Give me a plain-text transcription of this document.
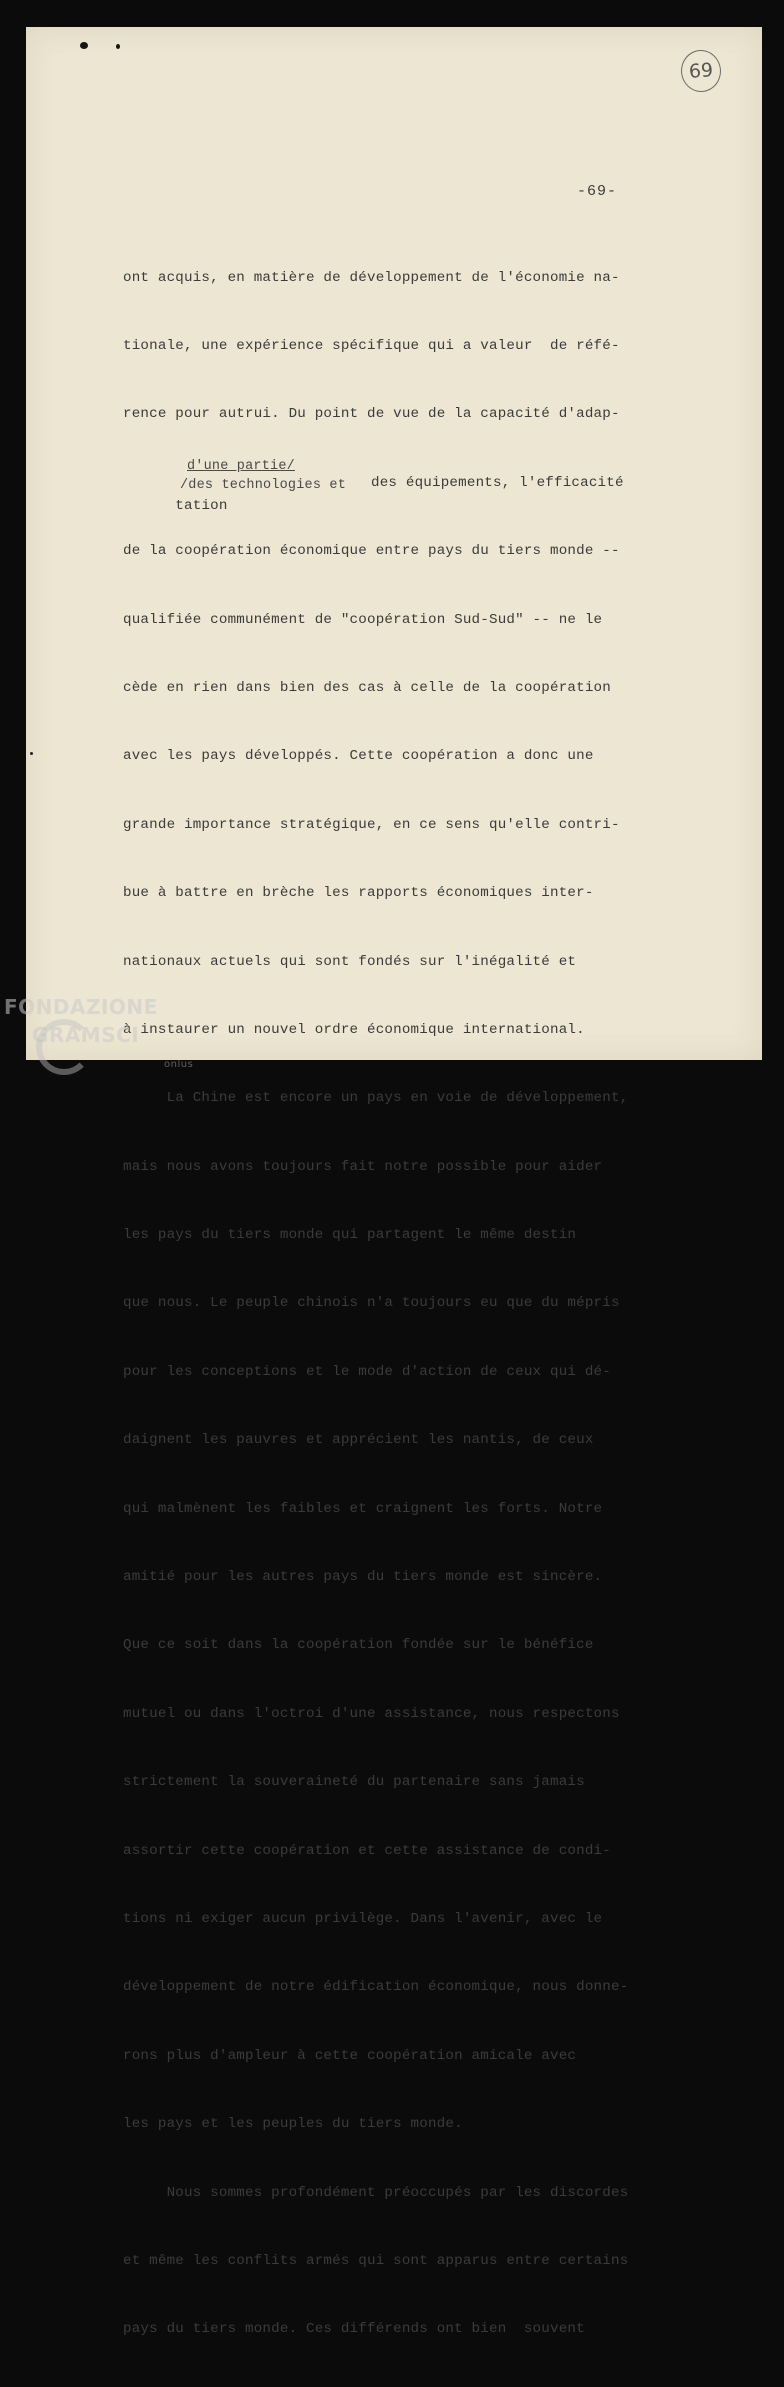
69
-69-

ont acquis, en matière de développement de l'économie na-

tionale, une expérience spécifique qui a valeur  de réfé-

rence pour autrui. Du point de vue de la capacité d'adap-

tation

d'une partie/

/des technologies et

des équipements, l'efficacité

de la coopération économique entre pays du tiers monde --

qualifiée communément de "coopération Sud-Sud" -- ne le

cède en rien dans bien des cas à celle de la coopération

avec les pays développés. Cette coopération a donc une

grande importance stratégique, en ce sens qu'elle contri-

bue à battre en brèche les rapports économiques inter-

nationaux actuels qui sont fondés sur l'inégalité et

à instaurer un nouvel ordre économique international.

La Chine est encore un pays en voie de développement,

mais nous avons toujours fait notre possible pour aider

les pays du tiers monde qui partagent le même destin

que nous. Le peuple chinois n'a toujours eu que du mépris

pour les conceptions et le mode d'action de ceux qui dé-

daignent les pauvres et apprécient les nantis, de ceux

qui malmènent les faibles et craignent les forts. Notre

amitié pour les autres pays du tiers monde est sincère.

Que ce soit dans la coopération fondée sur le bénéfice

mutuel ou dans l'octroi d'une assistance, nous respectons

strictement la souveraineté du partenaire sans jamais

assortir cette coopération et cette assistance de condi-

tions ni exiger aucun privilège. Dans l'avenir, avec le

développement de notre édification économique, nous donne-

rons plus d'ampleur à cette coopération amicale avec

les pays et les peuples du tiers monde.

Nous sommes profondément préoccupés par les discordes

et même les conflits armés qui sont apparus entre certains

pays du tiers monde. Ces différends ont bien  souvent

FONDAZIONE
GRAMSCI
onlus
